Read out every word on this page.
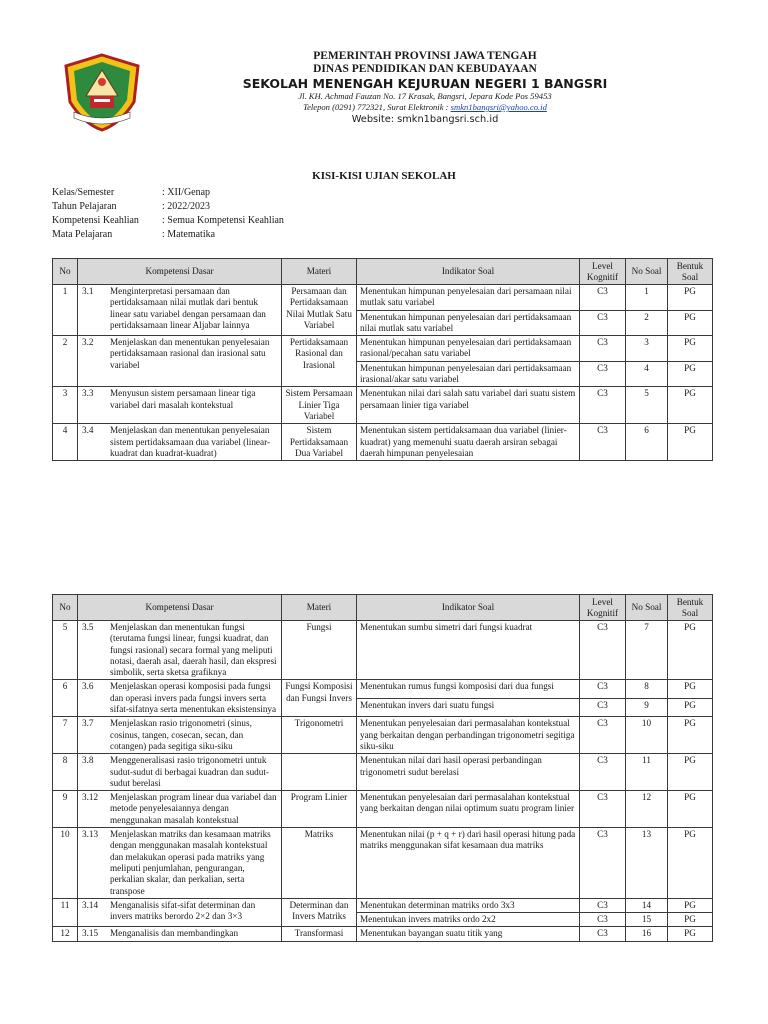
PEMERINTAH PROVINSI JAWA TENGAH
DINAS PENDIDIKAN DAN KEBUDAYAAN
SEKOLAH MENENGAH KEJURUAN NEGERI 1 BANGSRI
Jl. KH. Achmad Fauzan No. 17 Krasak, Bangsri, Jepara Kode Pos 59453
Telepon (0291) 772321, Surat Elektronik : smkn1bangsri@yahoo.co.id
Website: smkn1bangsri.sch.id
KISI-KISI UJIAN SEKOLAH
Kelas/Semester	: XII/Genap
Tahun Pelajaran	: 2022/2023
Kompetensi Keahlian : Semua Kompetensi Keahlian
Mata Pelajaran	: Matematika
No	Kompetensi Dasar	Materi	Indikator Soal	Level Kognitif	No Soal	Bentuk Soal
1	3.1 Menginterpretasi persamaan dan pertidaksamaan nilai mutlak dari bentuk linear satu variabel dengan persamaan dan pertidaksamaan linear Aljabar lainnya	Persamaan dan Pertidaksamaan Nilai Mutlak Satu Variabel	Menentukan himpunan penyelesaian dari persamaan nilai mutlak satu variabel	C3	1	PG
			Menentukan himpunan penyelesaian dari pertidaksamaan nilai mutlak satu variabel	C3	2	PG
2	3.2 Menjelaskan dan menentukan penyelesaian pertidaksamaan rasional dan irasional satu variabel	Pertidaksamaan Rasional dan Irasional	Menentukan himpunan penyelesaian dari pertidaksamaan rasional/pecahan satu variabel	C3	3	PG
			Menentukan himpunan penyelesaian dari pertidaksamaan irasional/akar satu variabel	C3	4	PG
3	3.3 Menyusun sistem persamaan linear tiga variabel dari masalah kontekstual	Sistem Persamaan Linier Tiga Variabel	Menentukan nilai dari salah satu variabel dari suatu sistem persamaan linier tiga variabel	C3	5	PG
4	3.4 Menjelaskan dan menentukan penyelesaian sistem pertidaksamaan dua variabel (linear-kuadrat dan kuadrat-kuadrat)	Sistem Pertidaksamaan Dua Variabel	Menentukan sistem pertidaksamaan dua variabel (linier-kuadrat) yang memenuhi suatu daerah arsiran sebagai daerah himpunan penyelesaian	C3	6	PG
No	Kompetensi Dasar	Materi	Indikator Soal	Level Kognitif	No Soal	Bentuk Soal
5	3.5 Menjelaskan dan menentukan fungsi (terutama fungsi linear, fungsi kuadrat, dan fungsi rasional) secara formal yang meliputi notasi, daerah asal, daerah hasil, dan ekspresi simbolik, serta sketsa grafiknya	Fungsi	Menentukan sumbu simetri dari fungsi kuadrat	C3	7	PG
6	3.6 Menjelaskan operasi komposisi pada fungsi dan operasi invers pada fungsi invers serta sifat-sifatnya serta menentukan eksistensinya	Fungsi Komposisi dan Fungsi Invers	Menentukan rumus fungsi komposisi dari dua fungsi	C3	8	PG
			Menentukan invers dari suatu fungsi	C3	9	PG
7	3.7 Menjelaskan rasio trigonometri (sinus, cosinus, tangen, cosecan, secan, dan cotangen) pada segitiga siku-siku	Trigonometri	Menentukan penyelesaian dari permasalahan kontekstual yang berkaitan dengan perbandingan trigonometri segitiga siku-siku	C3	10	PG
8	3.8 Menggeneralisasi rasio trigonometri untuk sudut-sudut di berbagai kuadran dan sudut-sudut berelasi		Menentukan nilai dari hasil operasi perbandingan trigonometri sudut berelasi	C3	11	PG
9	3.12 Menjelaskan program linear dua variabel dan metode penyelesaiannya dengan menggunakan masalah kontekstual	Program Linier	Menentukan penyelesaian dari permasalahan kontekstual yang berkaitan dengan nilai optimum suatu program linier	C3	12	PG
10	3.13 Menjelaskan matriks dan kesamaan matriks dengan menggunakan masalah kontekstual dan melakukan operasi pada matriks yang meliputi penjumlahan, pengurangan, perkalian skalar, dan perkalian, serta transpose	Matriks	Menentukan nilai (p + q + r) dari hasil operasi hitung pada matriks menggunakan sifat kesamaan dua matriks	C3	13	PG
11	3.14 Menganalisis sifat-sifat determinan dan invers matriks berordo 2×2 dan 3×3	Determinan dan Invers Matriks	Menentukan determinan matriks ordo 3x3	C3	14	PG
			Menentukan invers matriks ordo 2x2	C3	15	PG
12	3.15 Menganalisis dan membandingkan	Transformasi	Menentukan bayangan suatu titik yang	C3	16	PG
